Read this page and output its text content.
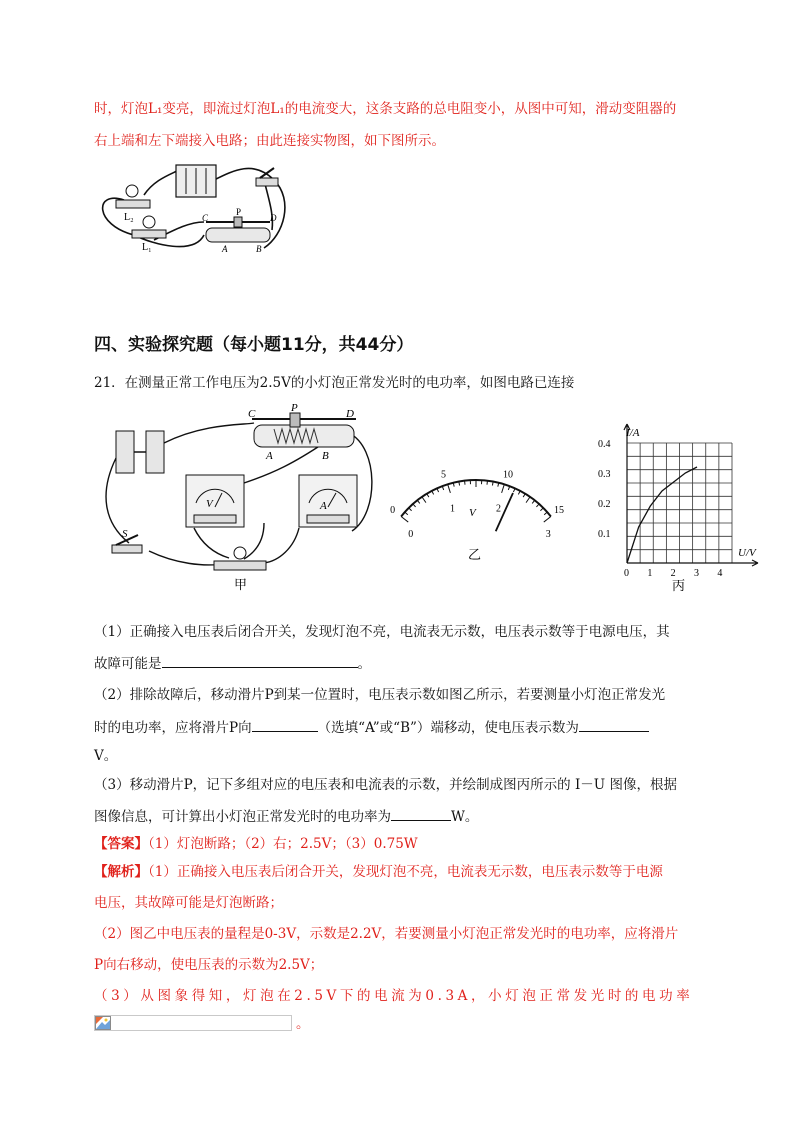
时，灯泡L₁变亮，即流过灯泡L₁的电流变大，这条支路的总电阻变小，从图中可知，滑动变阻器的
右上端和左下端接入电路；由此连接实物图，如下图所示。
L₂
L₁
C
P
D
A	B
四、实验探究题（每小题11分，共44分）
21．在测量正常工作电压为2.5V的小灯泡正常发光时的电功率，如图电路已连接
C	P	D
A	B
V	A
S
甲
0
5	10
15
0
1	2
3
乙
V
0.1
0.2
0.3
0.4
0 1 2 3 4
I/A
U/V
丙
（1）正确接入电压表后闭合开关，发现灯泡不亮，电流表无示数，电压表示数等于电源电压，其
故障可能是	。
（2）排除故障后，移动滑片P到某一位置时，电压表示数如图乙所示，若要测量小灯泡正常发光
时的电功率，应将滑片P向	（选填“A”或“B”）端移动，使电压表示数为
V。
（3）移动滑片P，记下多组对应的电压表和电流表的示数，并绘制成图丙所示的 I－U 图像，根据
图像信息，可计算出小灯泡正常发光时的电功率为	W。
【答案】（1）灯泡断路；（2）右；2.5V；（3）0.75W
【解析】（1）正确接入电压表后闭合开关，发现灯泡不亮，电流表无示数，电压表示数等于电源
电压，其故障可能是灯泡断路；
（2）图乙中电压表的量程是0-3V，示数是2.2V，若要测量小灯泡正常发光时的电功率，应将滑片
P向右移动，使电压表的示数为2.5V；
（3）从图象得知，灯泡在2.5V下的电流为0.3A，小灯泡正常发光时的电功率
。
